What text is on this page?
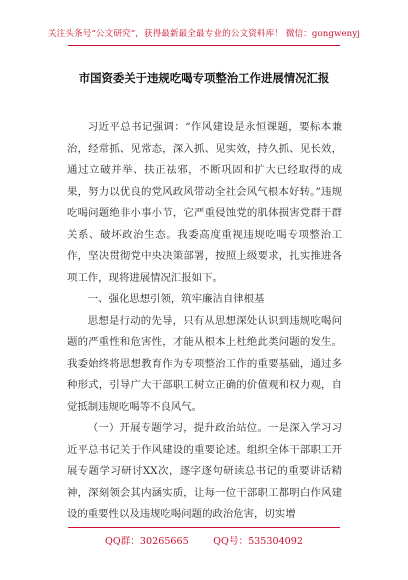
关注头条号“公文研究”，获得最新最全最专业的公文资料库！ 微信：gongwenyj
市国资委关于违规吃喝专项整治工作进展情况汇报

习近平总书记强调：“作风建设是永恒课题，要标本兼治，经常抓、见常态，深入抓、见实效，持久抓、见长效，通过立破并举、扶正祛邪，不断巩固和扩大已经取得的成果，努力以优良的党风政风带动全社会风气根本好转。”违规吃喝问题绝非小事小节，它严重侵蚀党的肌体损害党群干群关系、破坏政治生态。我委高度重视违规吃喝专项整治工作，坚决贯彻党中央决策部署，按照上级要求，扎实推进各项工作，现将进展情况汇报如下。

一、强化思想引领，筑牢廉洁自律根基

思想是行动的先导，只有从思想深处认识到违规吃喝问题的严重性和危害性，才能从根本上杜绝此类问题的发生。我委始终将思想教育作为专项整治工作的重要基础，通过多种形式，引导广大干部职工树立正确的价值观和权力观，自觉抵制违规吃喝等不良风气。

（一）开展专题学习，提升政治站位。一是深入学习习近平总书记关于作风建设的重要论述。组织全体干部职工开展专题学习研讨XX次，逐字逐句研读总书记的重要讲话精神，深刻领会其内涵实质，让每一位干部职工都明白作风建设的重要性以及违规吃喝问题的政治危害，切实增

QQ群：30265665        QQ号：535304092
